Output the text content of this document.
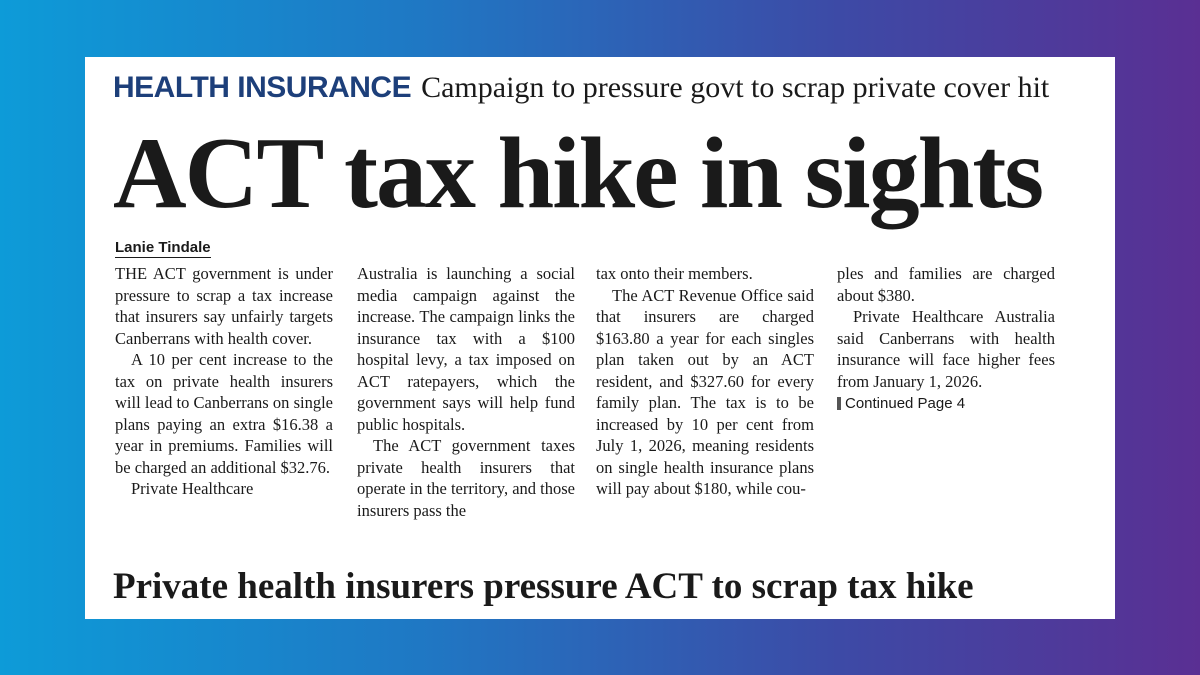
HEALTH INSURANCE Campaign to pressure govt to scrap private cover hit
ACT tax hike in sights
Lanie Tindale

THE ACT government is under pressure to scrap a tax increase that insurers say unfairly targets Canberrans with health cover.

A 10 per cent increase to the tax on private health insurers will lead to Canberrans on single plans paying an extra $16.38 a year in premiums. Families will be charged an additional $32.76.

Private Healthcare

Australia is launching a social media campaign against the increase. The campaign links the insurance tax with a $100 hospital levy, a tax imposed on ACT ratepayers, which the government says will help fund public hospitals.

The ACT government taxes private health insurers that operate in the territory, and those insurers pass the

tax onto their members.

The ACT Revenue Office said that insurers are charged $163.80 a year for each singles plan taken out by an ACT resident, and $327.60 for every family plan. The tax is to be increased by 10 per cent from July 1, 2026, meaning residents on single health insurance plans will pay about $180, while cou-

ples and families are charged about $380.

Private Healthcare Australia said Canberrans with health insurance will face higher fees from January 1, 2026.

Continued Page 4
Private health insurers pressure ACT to scrap tax hike
